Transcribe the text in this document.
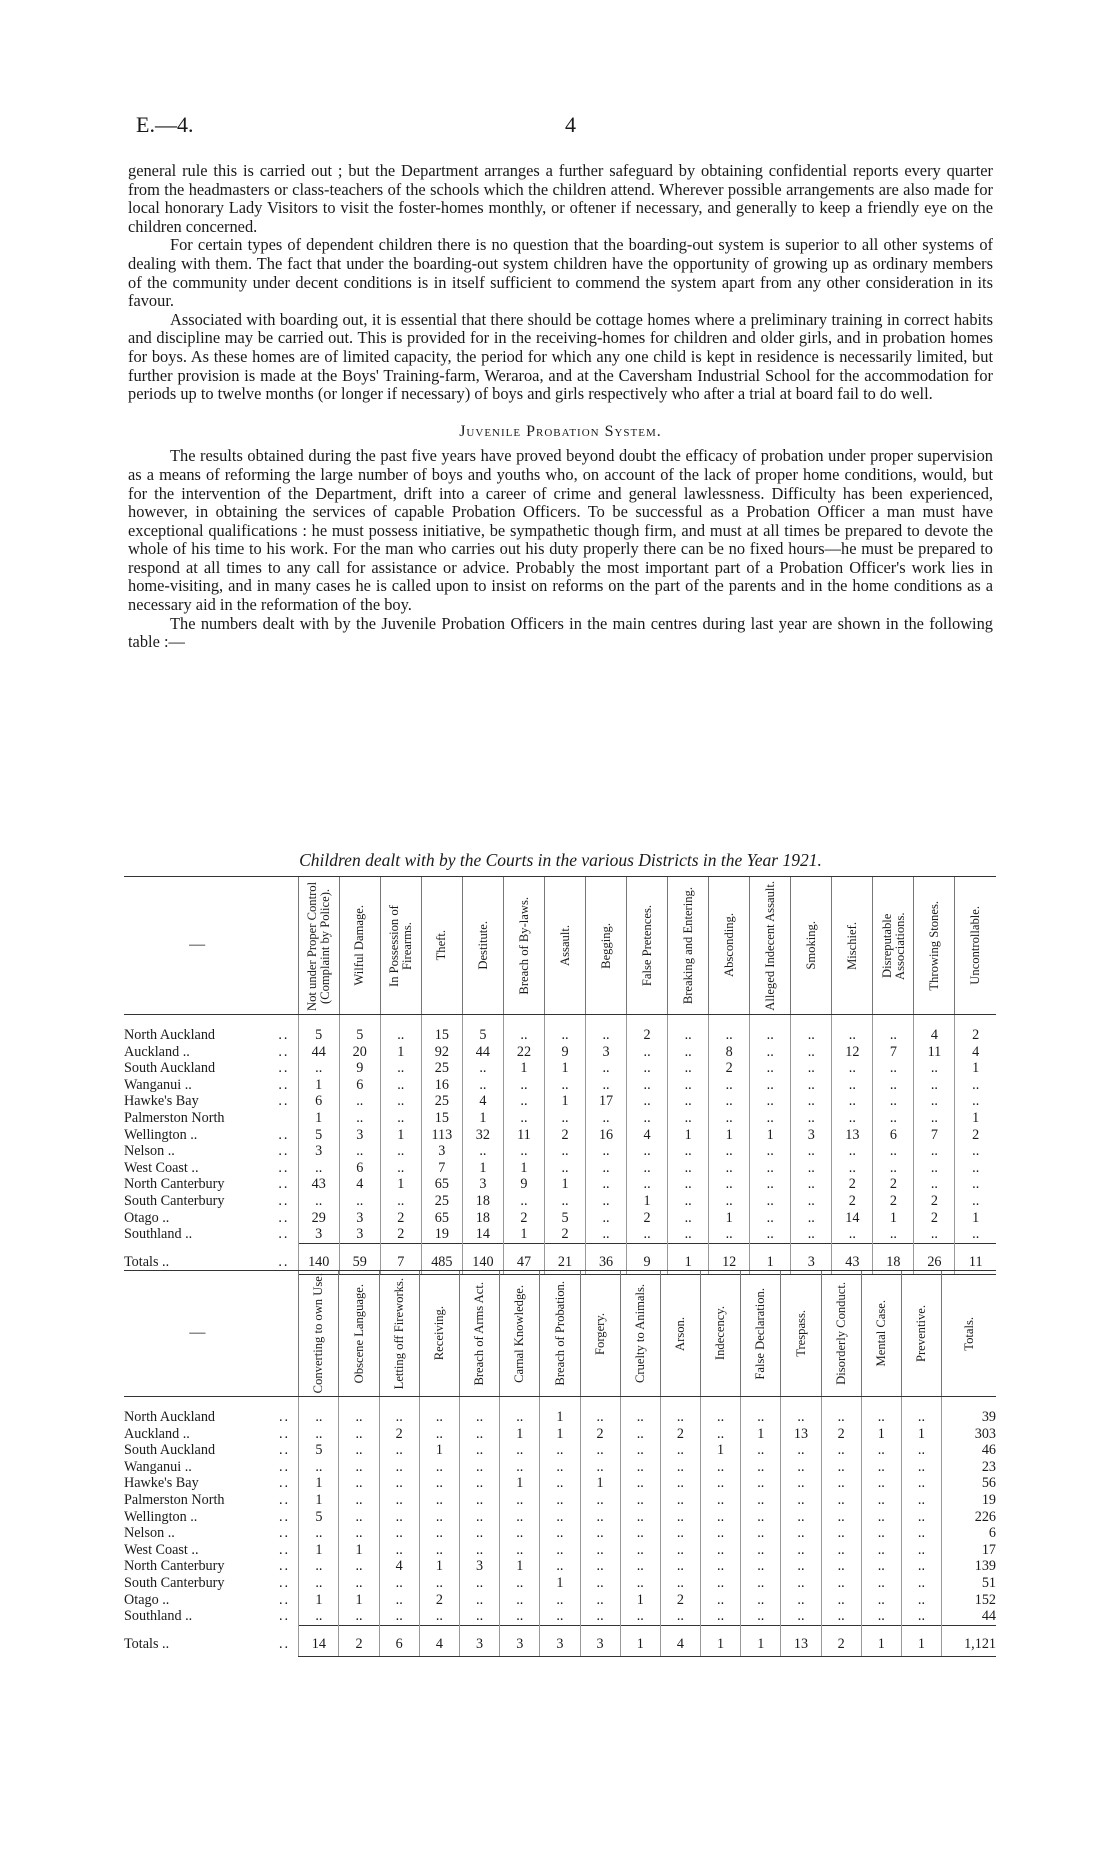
E.—4.	4

general rule this is carried out ; but the Department arranges a further safeguard by obtaining confidential reports every quarter from the headmasters or class-teachers of the schools which the children attend. Wherever possible arrangements are also made for local honorary Lady Visitors to visit the foster-homes monthly, or oftener if necessary, and generally to keep a friendly eye on the children concerned.

For certain types of dependent children there is no question that the boarding-out system is superior to all other systems of dealing with them. The fact that under the boarding-out system children have the opportunity of growing up as ordinary members of the community under decent conditions is in itself sufficient to commend the system apart from any other consideration in its favour.

Associated with boarding out, it is essential that there should be cottage homes where a preliminary training in correct habits and discipline may be carried out. This is provided for in the receiving-homes for children and older girls, and in probation homes for boys. As these homes are of limited capacity, the period for which any one child is kept in residence is necessarily limited, but further provision is made at the Boys' Training-farm, Weraroa, and at the Caversham Industrial School for the accommodation for periods up to twelve months (or longer if necessary) of boys and girls respectively who after a trial at board fail to do well.

Juvenile Probation System.

The results obtained during the past five years have proved beyond doubt the efficacy of probation under proper supervision as a means of reforming the large number of boys and youths who, on account of the lack of proper home conditions, would, but for the intervention of the Department, drift into a career of crime and general lawlessness. Difficulty has been experienced, however, in obtaining the services of capable Probation Officers. To be successful as a Probation Officer a man must have exceptional qualifications : he must possess initiative, be sympathetic though firm, and must at all times be prepared to devote the whole of his time to his work. For the man who carries out his duty properly there can be no fixed hours—he must be prepared to respond at all times to any call for assistance or advice. Probably the most important part of a Probation Officer's work lies in home-visiting, and in many cases he is called upon to insist on reforms on the part of the parents and in the home conditions as a necessary aid in the reformation of the boy.

The numbers dealt with by the Juvenile Probation Officers in the main centres during last year are shown in the following table :—

Children dealt with by the Courts in the various Districts in the Year 1921.
—		Not under Proper Control (Complaint by Police).	Wilful Damage.	In Possession of Firearms.	Theft.	Destitute.	Breach of By-laws.	Assault.	Begging.	False Pretences.	Breaking and Entering.	Absconding.	Alleged Indecent Assault.	Smoking.	Mischief.	Disreputable Associations.	Throwing Stones.	Uncontrollable.

North Auckland	..	5	5	..	15	5	..	..	..	2	..	..	..	..	..	..	4	2
Auckland ..	..	44	20	1	92	44	22	9	3	..	..	8	..	..	12	7	11	4
South Auckland	..	..	9	..	25	..	1	1	..	..	..	2	..	..	..	..	..	1
Wanganui ..	..	1	6	..	16	..	..	..	..	..	..	..	..	..	..	..	..	..
Hawke's Bay	..	6	..	..	25	4	..	1	17	..	..	..	..	..	..	..	..	..
Palmerston North		1	..	..	15	1	..	..	..	..	..	..	..	..	..	..	..	1
Wellington ..	..	5	3	1	113	32	11	2	16	4	1	1	1	3	13	6	7	2
Nelson ..	..	3	..	..	3	..	..	..	..	..	..	..	..	..	..	..	..	..
West Coast ..	..	..	6	..	7	1	1	..	..	..	..	..	..	..	..	..	..	..
North Canterbury	..	43	4	1	65	3	9	1	..	..	..	..	..	..	2	2	..	..
South Canterbury	..	..	..	..	25	18	..	..	..	1	..	..	..	..	2	2	2	..
Otago ..	..	29	3	2	65	18	2	5	..	2	..	1	..	..	14	1	2	1
Southland ..	..	3	3	2	19	14	1	2	..	..	..	..	..	..	..	..	..	..
Totals ..	..	140	59	7	485	140	47	21	36	9	1	12	1	3	43	18	26	11
—		Converting to own Use.	Obscene Language.	Letting off Fireworks.	Receiving.	Breach of Arms Act.	Carnal Knowledge.	Breach of Probation.	Forgery.	Cruelty to Animals.	Arson.	Indecency.	False Declaration.	Trespass.	Disorderly Conduct.	Mental Case.	Preventive.	Totals.

North Auckland	..	..	..	..	..	..	..	1	..	..	..	..	..	..	..	..	..	39
Auckland ..	..	..	..	2	..	..	1	1	2	..	2	..	1	13	2	1	1	303
South Auckland	..	5	..	..	1	..	..	..	..	..	..	1	..	..	..	..	..	46
Wanganui ..	..	..	..	..	..	..	..	..	..	..	..	..	..	..	..	..	..	23
Hawke's Bay	..	1	..	..	..	..	1	..	1	..	..	..	..	..	..	..	..	56
Palmerston North	..	1	..	..	..	..	..	..	..	..	..	..	..	..	..	..	..	19
Wellington ..	..	5	..	..	..	..	..	..	..	..	..	..	..	..	..	..	..	226
Nelson ..	..	..	..	..	..	..	..	..	..	..	..	..	..	..	..	..	..	6
West Coast ..	..	1	1	..	..	..	..	..	..	..	..	..	..	..	..	..	..	17
North Canterbury	..	..	..	4	1	3	1	..	..	..	..	..	..	..	..	..	..	139
South Canterbury	..	..	..	..	..	..	..	1	..	..	..	..	..	..	..	..	..	51
Otago ..	..	1	1	..	2	..	..	..	..	1	2	..	..	..	..	..	..	152
Southland ..	..	..	..	..	..	..	..	..	..	..	..	..	..	..	..	..	..	44
Totals ..	..	14	2	6	4	3	3	3	3	1	4	1	1	13	2	1	1	1,121
